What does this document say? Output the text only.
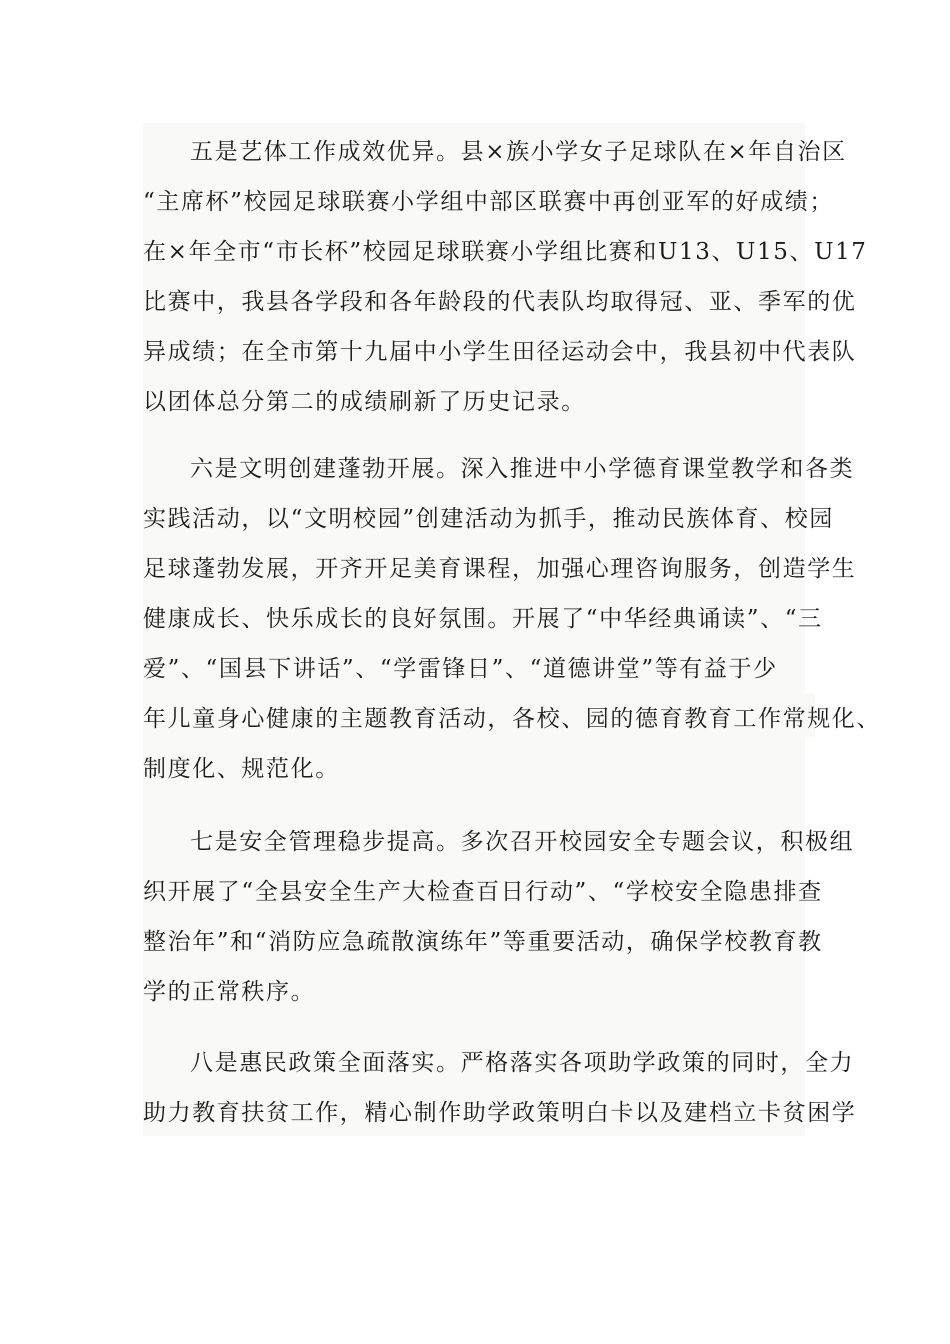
五是艺体工作成效优异。县×族小学女子足球队在×年自治区
“主席杯”校园足球联赛小学组中部区联赛中再创亚军的好成绩；
在×年全市“市长杯”校园足球联赛小学组比赛和U13、U15、U17
比赛中，我县各学段和各年龄段的代表队均取得冠、亚、季军的优
异成绩；在全市第十九届中小学生田径运动会中，我县初中代表队
以团体总分第二的成绩刷新了历史记录。
六是文明创建蓬勃开展。深入推进中小学德育课堂教学和各类
实践活动，以“文明校园”创建活动为抓手，推动民族体育、校园
足球蓬勃发展，开齐开足美育课程，加强心理咨询服务，创造学生
健康成长、快乐成长的良好氛围。开展了“中华经典诵读”、“三
爱”、“国县下讲话”、“学雷锋日”、“道德讲堂”等有益于少
年儿童身心健康的主题教育活动，各校、园的德育教育工作常规化、
制度化、规范化。
七是安全管理稳步提高。多次召开校园安全专题会议，积极组
织开展了“全县安全生产大检查百日行动”、“学校安全隐患排查
整治年”和“消防应急疏散演练年”等重要活动，确保学校教育教
学的正常秩序。
八是惠民政策全面落实。严格落实各项助学政策的同时，全力
助力教育扶贫工作，精心制作助学政策明白卡以及建档立卡贫困学
